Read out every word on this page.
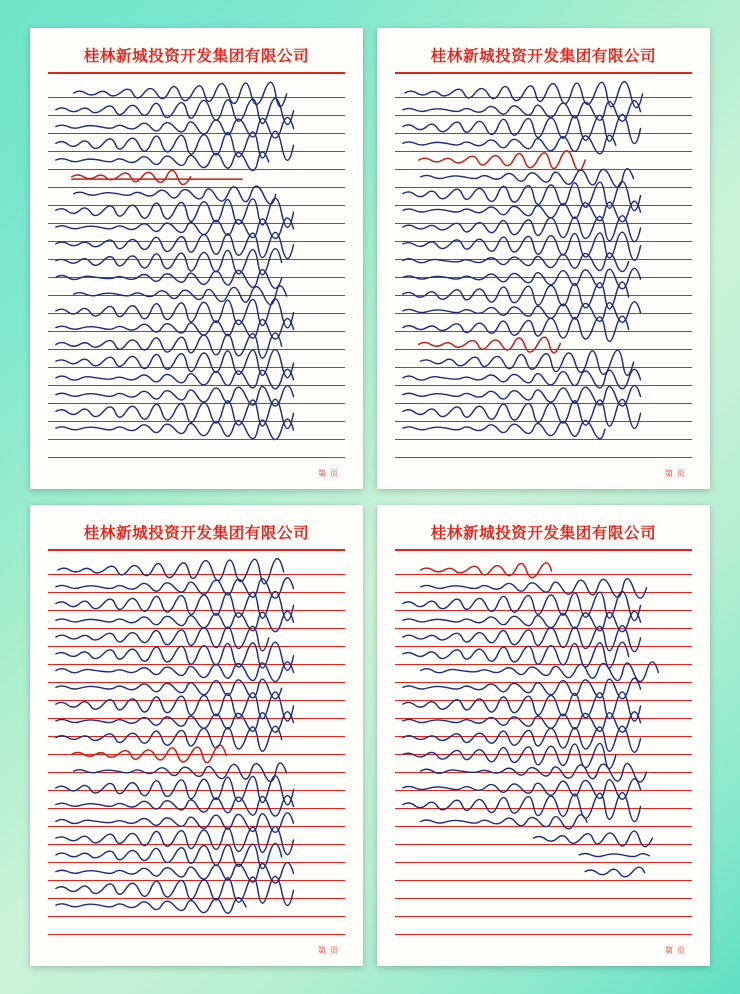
桂林新城投资开发集团有限公司
第 页
桂林新城投资开发集团有限公司
第 页
桂林新城投资开发集团有限公司
第 页
桂林新城投资开发集团有限公司
第 页
